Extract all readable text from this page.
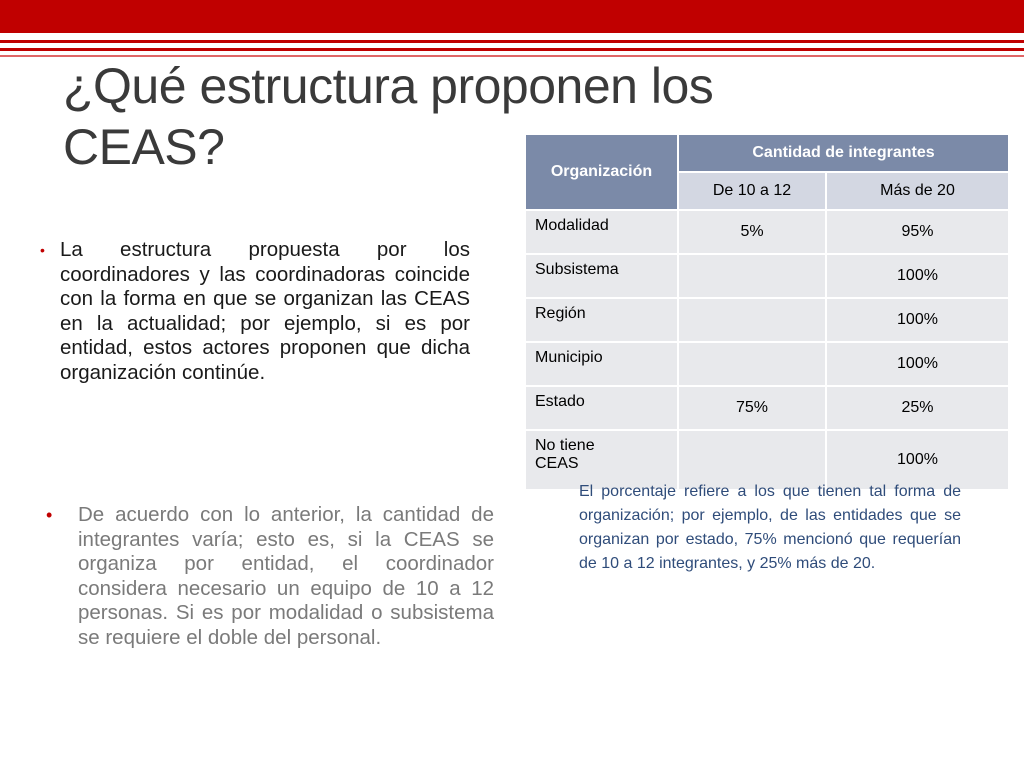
¿Qué estructura proponen los
CEAS?
• La estructura propuesta por los coordinadores y las coordinadoras coincide con la forma en que se organizan las CEAS en la actualidad; por ejemplo, si es por entidad, estos actores proponen que dicha organización continúe.
•	De acuerdo con lo anterior, la cantidad de integrantes varía; esto es, si la CEAS se organiza por entidad, el coordinador considera necesario un equipo de 10 a 12 personas. Si es por modalidad o subsistema se requiere el doble del personal.
Organización	Cantidad de integrantes	
	De 10 a 12	Más de 20
Modalidad	5%	95%
Subsistema		100%
Región		100%
Municipio		100%
Estado	75%	25%

No tiene CEAS		100%
El porcentaje refiere a los que tienen tal forma de organización; por ejemplo, de las entidades que se organizan por estado, 75% mencionó que requerían de 10 a 12 integrantes, y 25% más de 20.
